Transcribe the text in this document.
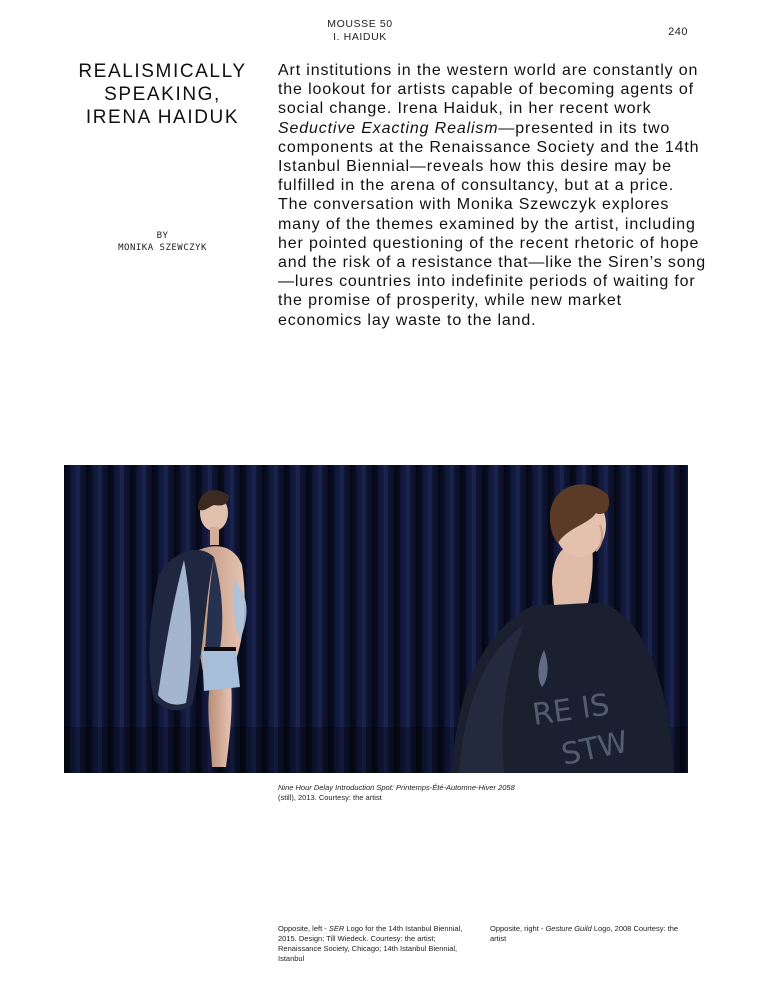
MOUSSE 50
I. HAIDUK	240
REALISMICALLY
SPEAKING,
IRENA HAIDUK
BY
MONIKA SZEWCZYK
Art institutions in the western world are constantly on the lookout for artists capable of becoming agents of social change. Irena Haiduk, in her recent work Seductive Exacting Realism—presented in its two components at the Renaissance Society and the 14th Istanbul Biennial—reveals how this desire may be fulfilled in the arena of consultancy, but at a price. The conversation with Monika Szewczyk explores many of the themes examined by the artist, including her pointed questioning of the recent rhetoric of hope and the risk of a resistance that—like the Siren’s song—lures countries into indefinite periods of waiting for the promise of prosperity, while new market economics lay waste to the land.
RE IS
STW
Nine Hour Delay Introduction Spot: Printemps-Été-Automne-Hiver 2058
(still), 2013. Courtesy: the artist
Opposite, left - SER Logo for the 14th Istanbul Biennial, 2015. Design: Till Wiedeck. Courtesy: the artist; Renaissance Society, Chicago; 14th Istanbul Biennial, Istanbul
Opposite, right - Gesture Guild Logo, 2008 Courtesy: the artist
